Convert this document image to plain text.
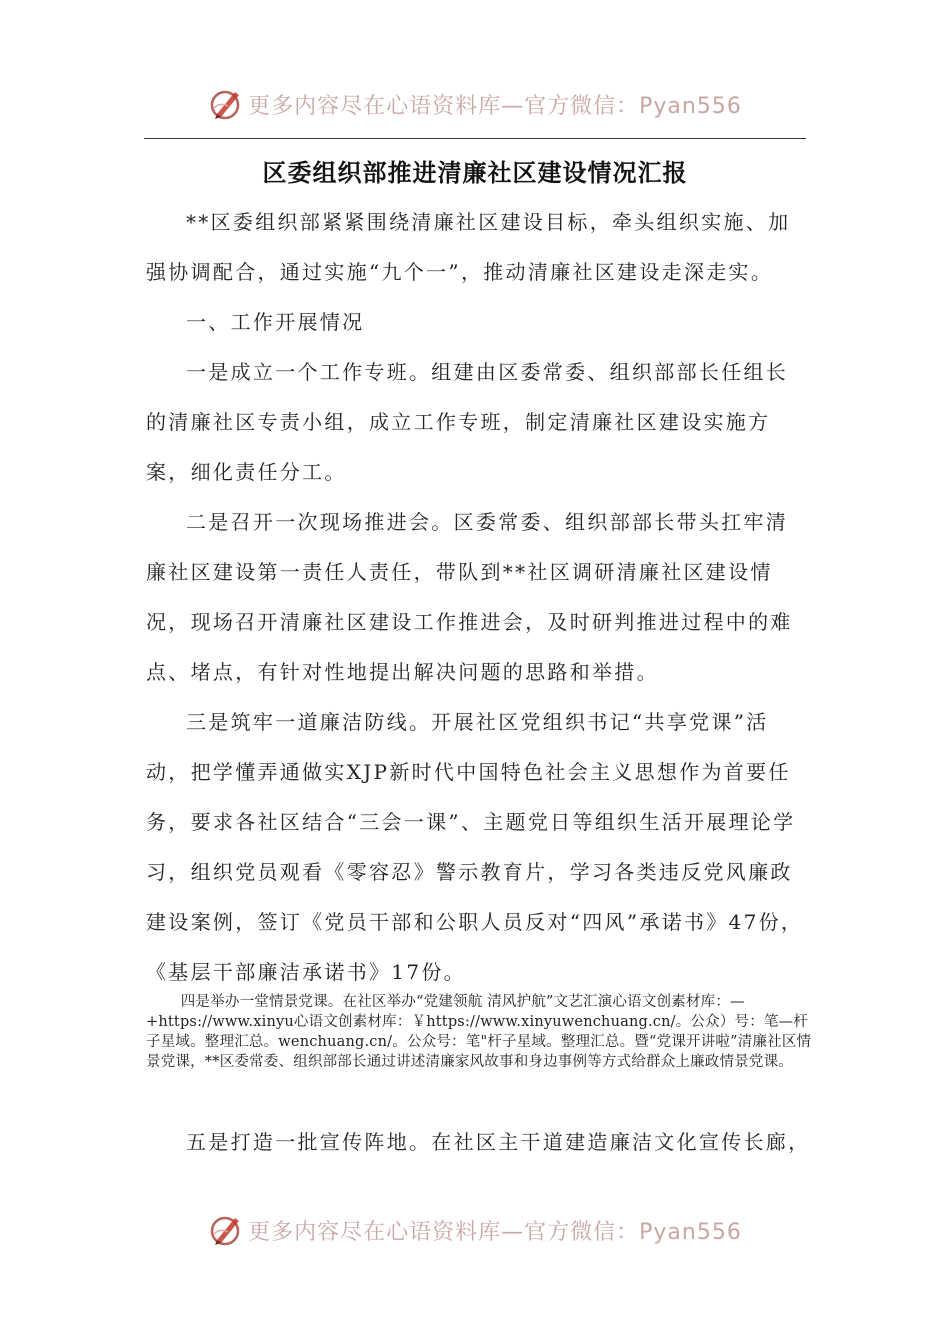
更多内容尽在心语资料库—官方微信：Pyan556
区委组织部推进清廉社区建设情况汇报

**区委组织部紧紧围绕清廉社区建设目标，牵头组织实施、加强协调配合，通过实施“九个一”，推动清廉社区建设走深走实。

一、工作开展情况

一是成立一个工作专班。组建由区委常委、组织部部长任组长的清廉社区专责小组，成立工作专班，制定清廉社区建设实施方案，细化责任分工。

二是召开一次现场推进会。区委常委、组织部部长带头扛牢清廉社区建设第一责任人责任，带队到**社区调研清廉社区建设情况，现场召开清廉社区建设工作推进会，及时研判推进过程中的难点、堵点，有针对性地提出解决问题的思路和举措。

三是筑牢一道廉洁防线。开展社区党组织书记“共享党课”活动，把学懂弄通做实XJP新时代中国特色社会主义思想作为首要任务，要求各社区结合“三会一课”、主题党日等组织生活开展理论学习，组织党员观看《零容忍》警示教育片，学习各类违反党风廉政建设案例，签订《党员干部和公职人员反对“四风”承诺书》47份，《基层干部廉洁承诺书》17份。

四是举办一堂情景党课。在社区举办“党建领航 清风护航”文艺汇演心语文创素材库：—+https://www.xinyu心语文创素材库：￥https://www.xinyuwenchuang.cn/。公众）号：笔—杆子星域。整理汇总。wenchuang.cn/。公众号：笔"杆子星域。整理汇总。暨“党课开讲啦”清廉社区情景党课，**区委常委、组织部部长通过讲述清廉家风故事和身边事例等方式给群众上廉政情景党课。

五是打造一批宣传阵地。在社区主干道建造廉洁文化宣传长廊，

更多内容尽在心语资料库—官方微信：Pyan556
